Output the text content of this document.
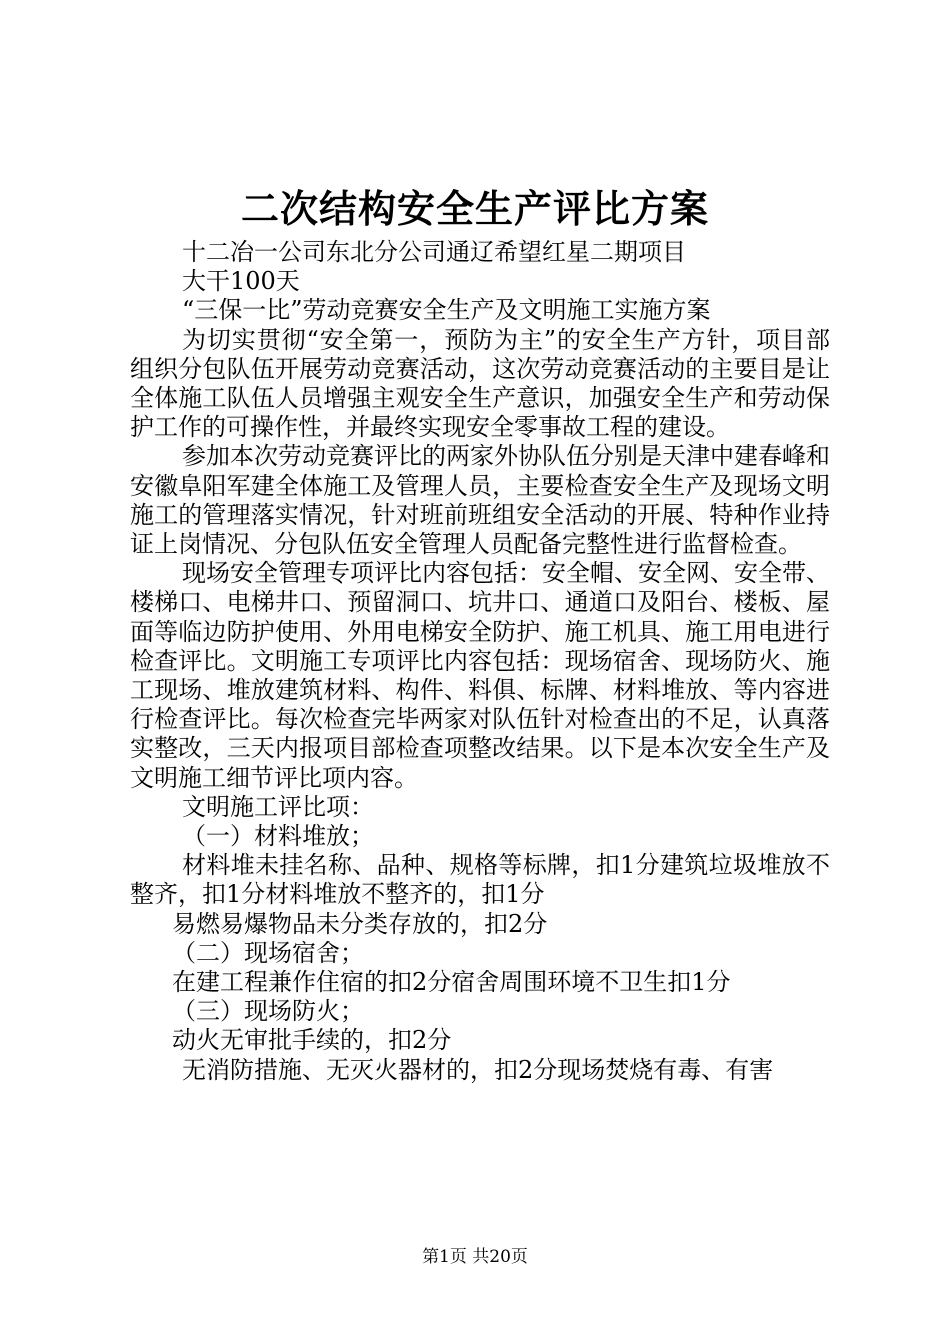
二次结构安全生产评比方案

十二冶一公司东北分公司通辽希望红星二期项目

大干100天

“三保一比”劳动竞赛安全生产及文明施工实施方案

为切实贯彻“安全第一，预防为主”的安全生产方针，项目部组织分包队伍开展劳动竞赛活动，这次劳动竞赛活动的主要目是让全体施工队伍人员增强主观安全生产意识，加强安全生产和劳动保护工作的可操作性，并最终实现安全零事故工程的建设。

参加本次劳动竞赛评比的两家外协队伍分别是天津中建春峰和安徽阜阳军建全体施工及管理人员，主要检查安全生产及现场文明施工的管理落实情况，针对班前班组安全活动的开展、特种作业持证上岗情况、分包队伍安全管理人员配备完整性进行监督检查。

现场安全管理专项评比内容包括：安全帽、安全网、安全带、楼梯口、电梯井口、预留洞口、坑井口、通道口及阳台、楼板、屋面等临边防护使用、外用电梯安全防护、施工机具、施工用电进行检查评比。文明施工专项评比内容包括：现场宿舍、现场防火、施工现场、堆放建筑材料、构件、料俱、标牌、材料堆放、等内容进行检查评比。每次检查完毕两家对队伍针对检查出的不足，认真落实整改，三天内报项目部检查项整改结果。以下是本次安全生产及文明施工细节评比项内容。

文明施工评比项：

（一）材料堆放；

材料堆未挂名称、品种、规格等标牌，扣1分建筑垃圾堆放不整齐，扣1分材料堆放不整齐的，扣1分

易燃易爆物品未分类存放的，扣2分

（二）现场宿舍；

在建工程兼作住宿的扣2分宿舍周围环境不卫生扣1分

（三）现场防火；

动火无审批手续的，扣2分

无消防措施、无灭火器材的，扣2分现场焚烧有毒、有害

第1页 共20页
